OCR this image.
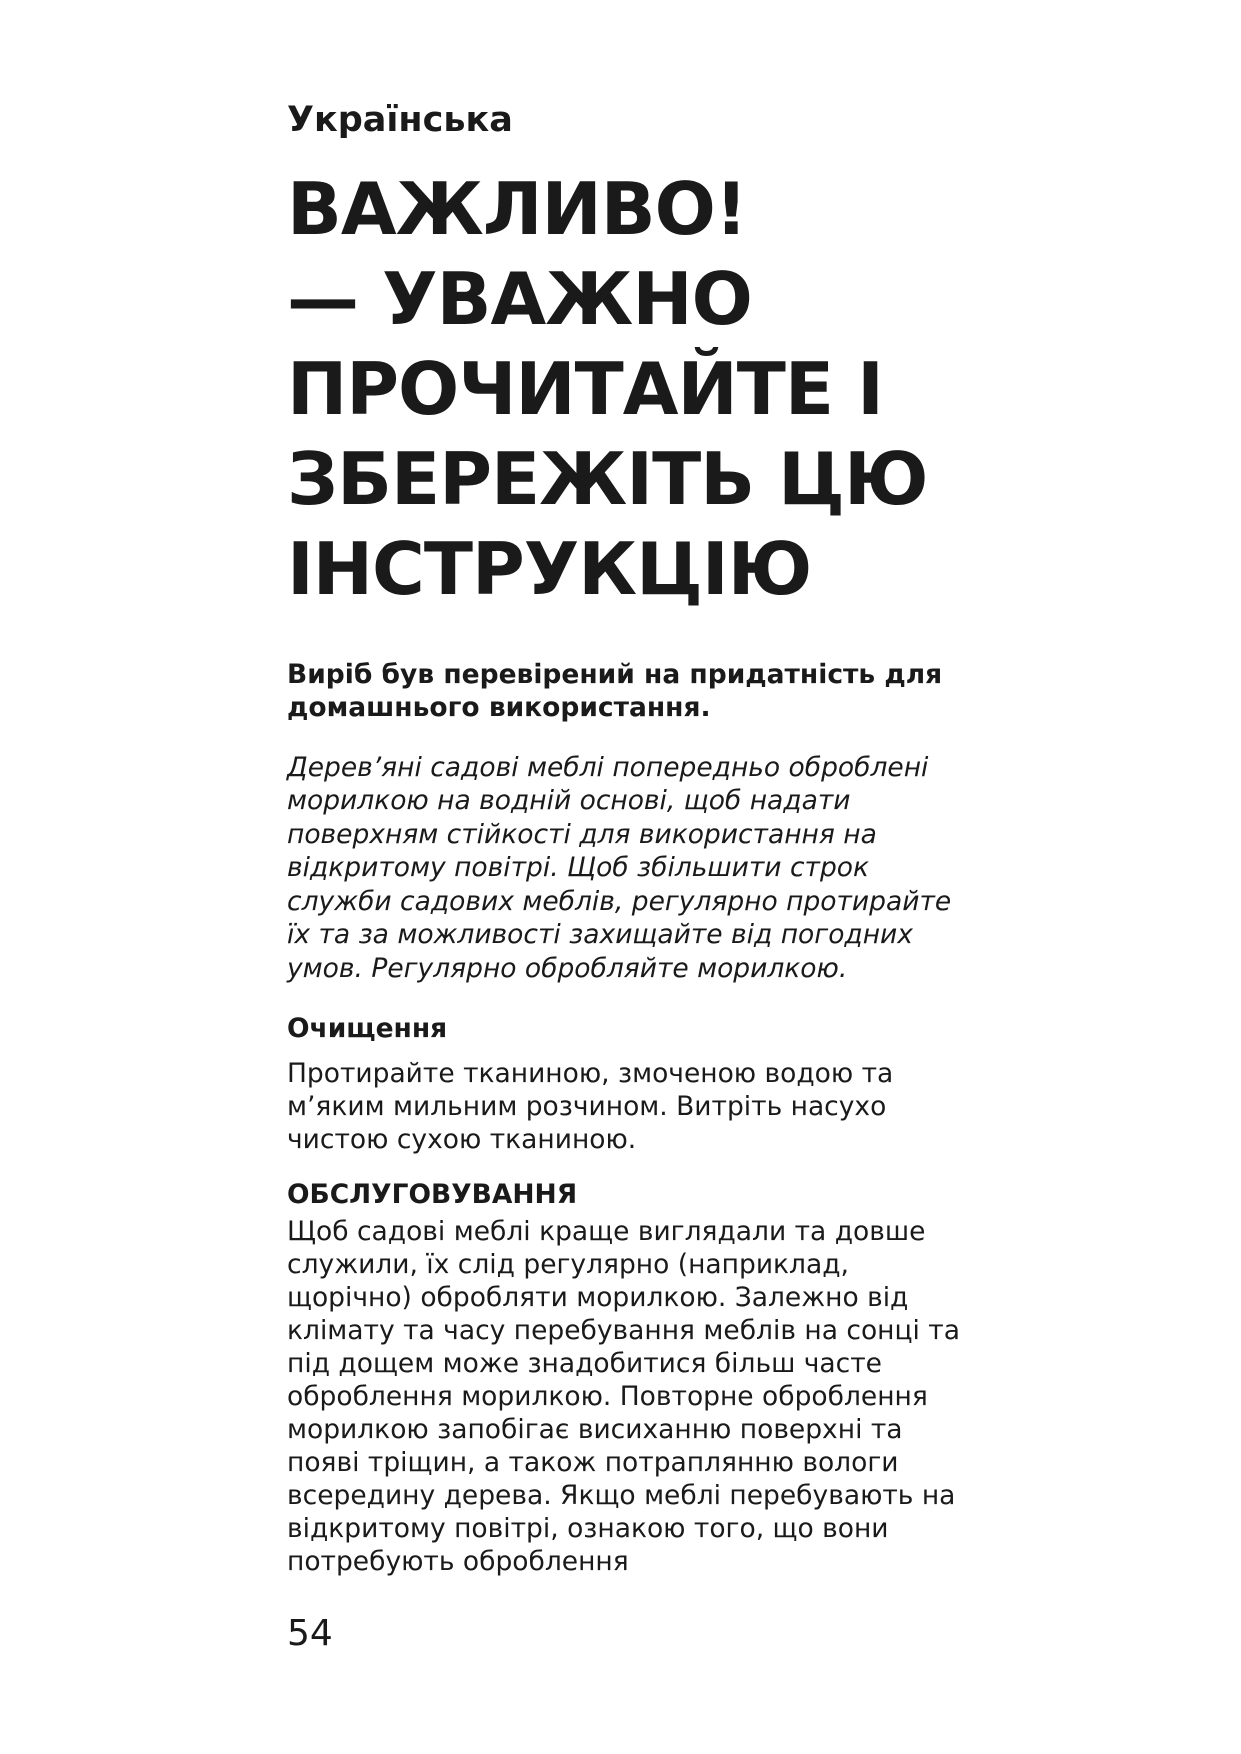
Українська

ВАЖЛИВО!
— УВАЖНО
ПРОЧИТАЙТЕ І
ЗБЕРЕЖІТЬ ЦЮ
ІНСТРУКЦІЮ

Виріб був перевірений на придатність для домашнього використання.

Дерев’яні садові меблі попередньо оброблені морилкою на водній основі, щоб надати поверхням стійкості для використання на відкритому повітрі. Щоб збільшити строк служби садових меблів, регулярно протирайте їх та за можливості захищайте від погодних умов. Регулярно обробляйте морилкою.

Очищення

Протирайте тканиною, змоченою водою та м’яким мильним розчином. Витріть насухо чистою сухою тканиною.

ОБСЛУГОВУВАННЯ

Щоб садові меблі краще виглядали та довше служили, їх слід регулярно (наприклад, щорічно) обробляти морилкою. Залежно від клімату та часу перебування меблів на сонці та під дощем може знадобитися більш часте оброблення морилкою. Повторне оброблення морилкою запобігає висиханню поверхні та появі тріщин, а також потраплянню вологи всередину дерева. Якщо меблі перебувають на відкритому повітрі, ознакою того, що вони потребують оброблення

54
